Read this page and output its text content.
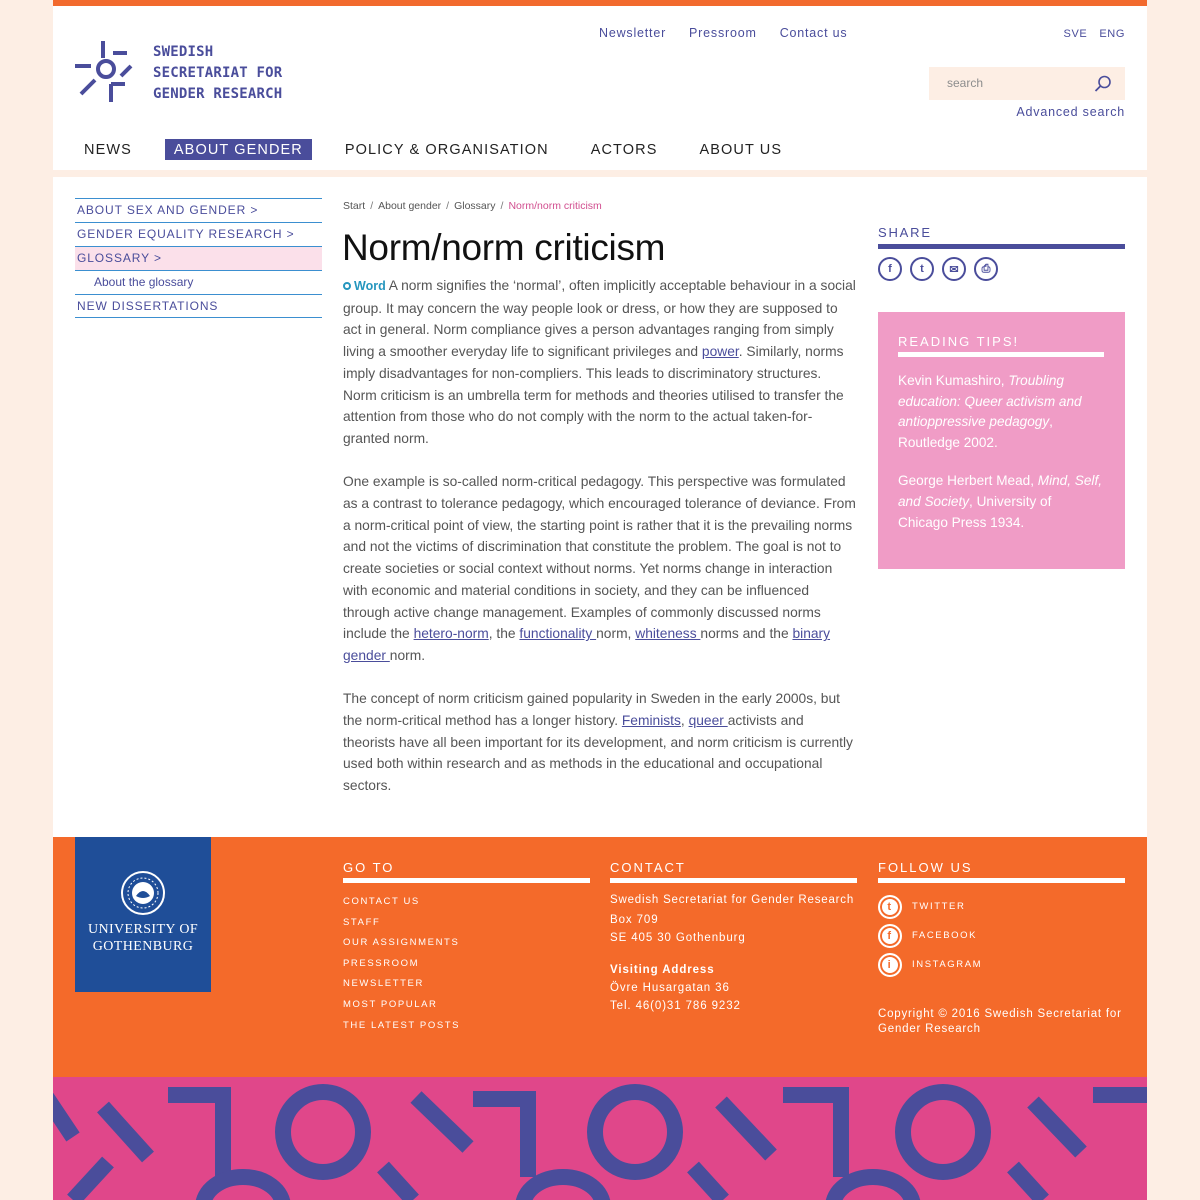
SWEDISH
SECRETARIAT FOR
GENDER RESEARCH
Newsletter Pressroom Contact us	SVE ENG
search
Advanced search
NEWS	ABOUT GENDER	POLICY & ORGANISATION	ACTORS	ABOUT US
ABOUT SEX AND GENDER >
GENDER EQUALITY RESEARCH >
GLOSSARY >
About the glossary
NEW DISSERTATIONS
Start / About gender / Glossary / Norm/norm criticism
Norm/norm criticism

Word A norm signifies the ‘normal’, often implicitly acceptable behaviour in a social group. It may concern the way people look or dress, or how they are supposed to act in general. Norm compliance gives a person advantages ranging from simply living a smoother everyday life to significant privileges and power. Similarly, norms imply disadvantages for non-compliers. This leads to discriminatory structures. Norm criticism is an umbrella term for methods and theories utilised to transfer the attention from those who do not comply with the norm to the actual taken-for-granted norm.

One example is so-called norm-critical pedagogy. This perspective was formulated as a contrast to tolerance pedagogy, which encouraged tolerance of deviance. From a norm-critical point of view, the starting point is rather that it is the prevailing norms and not the victims of discrimination that constitute the problem. The goal is not to create societies or social context without norms. Yet norms change in interaction with economic and material conditions in society, and they can be influenced through active change management. Examples of commonly discussed norms include the hetero-norm, the functionality norm, whiteness norms and the binary gender norm.

The concept of norm criticism gained popularity in Sweden in the early 2000s, but the norm-critical method has a longer history. Feminists, queer activists and theorists have all been important for its development, and norm criticism is currently used both within research and as methods in the educational and occupational sectors.

SHARE
f	t	✉	⎙
READING TIPS!

Kevin Kumashiro, Troubling education: Queer activism and antioppressive pedagogy, Routledge 2002.

George Herbert Mead, Mind, Self, and Society, University of Chicago Press 1934.

UNIVERSITY OF
GOTHENBURG
GO TO
CONTACT US
STAFF
OUR ASSIGNMENTS
PRESSROOM
NEWSLETTER
MOST POPULAR
THE LATEST POSTS
CONTACT
Swedish Secretariat for Gender Research
Box 709
SE 405 30 Gothenburg
Visiting Address
Övre Husargatan 36
Tel. 46(0)31 786 9232
FOLLOW US
t	TWITTER
f	FACEBOOK
i	INSTAGRAM
Copyright © 2016 Swedish Secretariat for Gender Research
